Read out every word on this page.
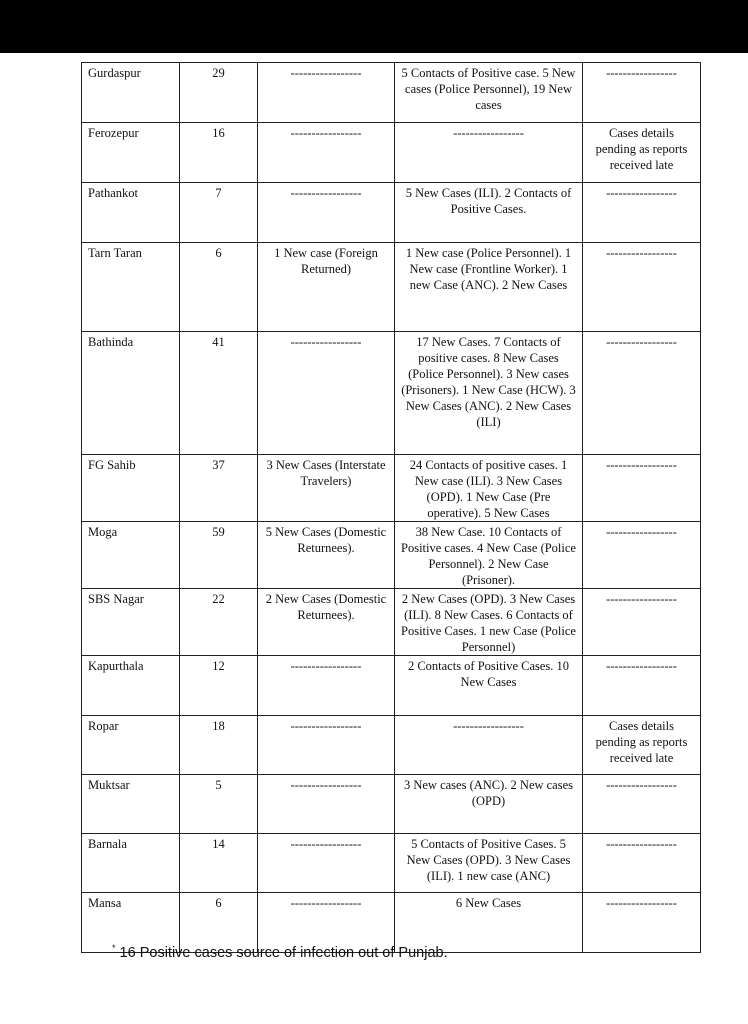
Gurdaspur	29	-----------------	5 Contacts of Positive case. 5 New cases (Police Personnel), 19 New cases	-----------------
Ferozepur	16	-----------------	-----------------	Cases details pending as reports received late
Pathankot	7	-----------------	5 New Cases (ILI). 2 Contacts of Positive Cases.	-----------------
Tarn Taran	6	1 New case (Foreign Returned)	1 New case (Police Personnel). 1 New case (Frontline Worker). 1 new Case (ANC). 2 New Cases	-----------------
Bathinda	41	-----------------	17 New Cases. 7 Contacts of positive cases. 8 New Cases (Police Personnel). 3 New cases (Prisoners). 1 New Case (HCW). 3 New Cases (ANC). 2 New Cases (ILI)	-----------------
FG Sahib	37	3 New Cases (Interstate Travelers)	24 Contacts of positive cases. 1 New case (ILI). 3 New Cases (OPD). 1 New Case (Pre operative). 5 New Cases	-----------------
Moga	59	5 New Cases (Domestic Returnees).	38 New Case. 10 Contacts of Positive cases. 4 New Case (Police Personnel). 2 New Case (Prisoner).	-----------------
SBS Nagar	22	2 New Cases (Domestic Returnees).	2 New Cases (OPD). 3 New Cases (ILI). 8 New Cases. 6 Contacts of Positive Cases. 1 new Case (Police Personnel)	-----------------
Kapurthala	12	-----------------	2 Contacts of Positive Cases. 10 New Cases	-----------------
Ropar	18	-----------------	-----------------	Cases details pending as reports received late
Muktsar	5	-----------------	3 New cases (ANC). 2 New cases (OPD)	-----------------
Barnala	14	-----------------	5 Contacts of Positive Cases. 5 New Cases (OPD). 3 New Cases (ILI). 1 new case (ANC)	-----------------
Mansa	6	-----------------	6 New Cases	-----------------
* 16 Positive cases source of infection out of Punjab.
